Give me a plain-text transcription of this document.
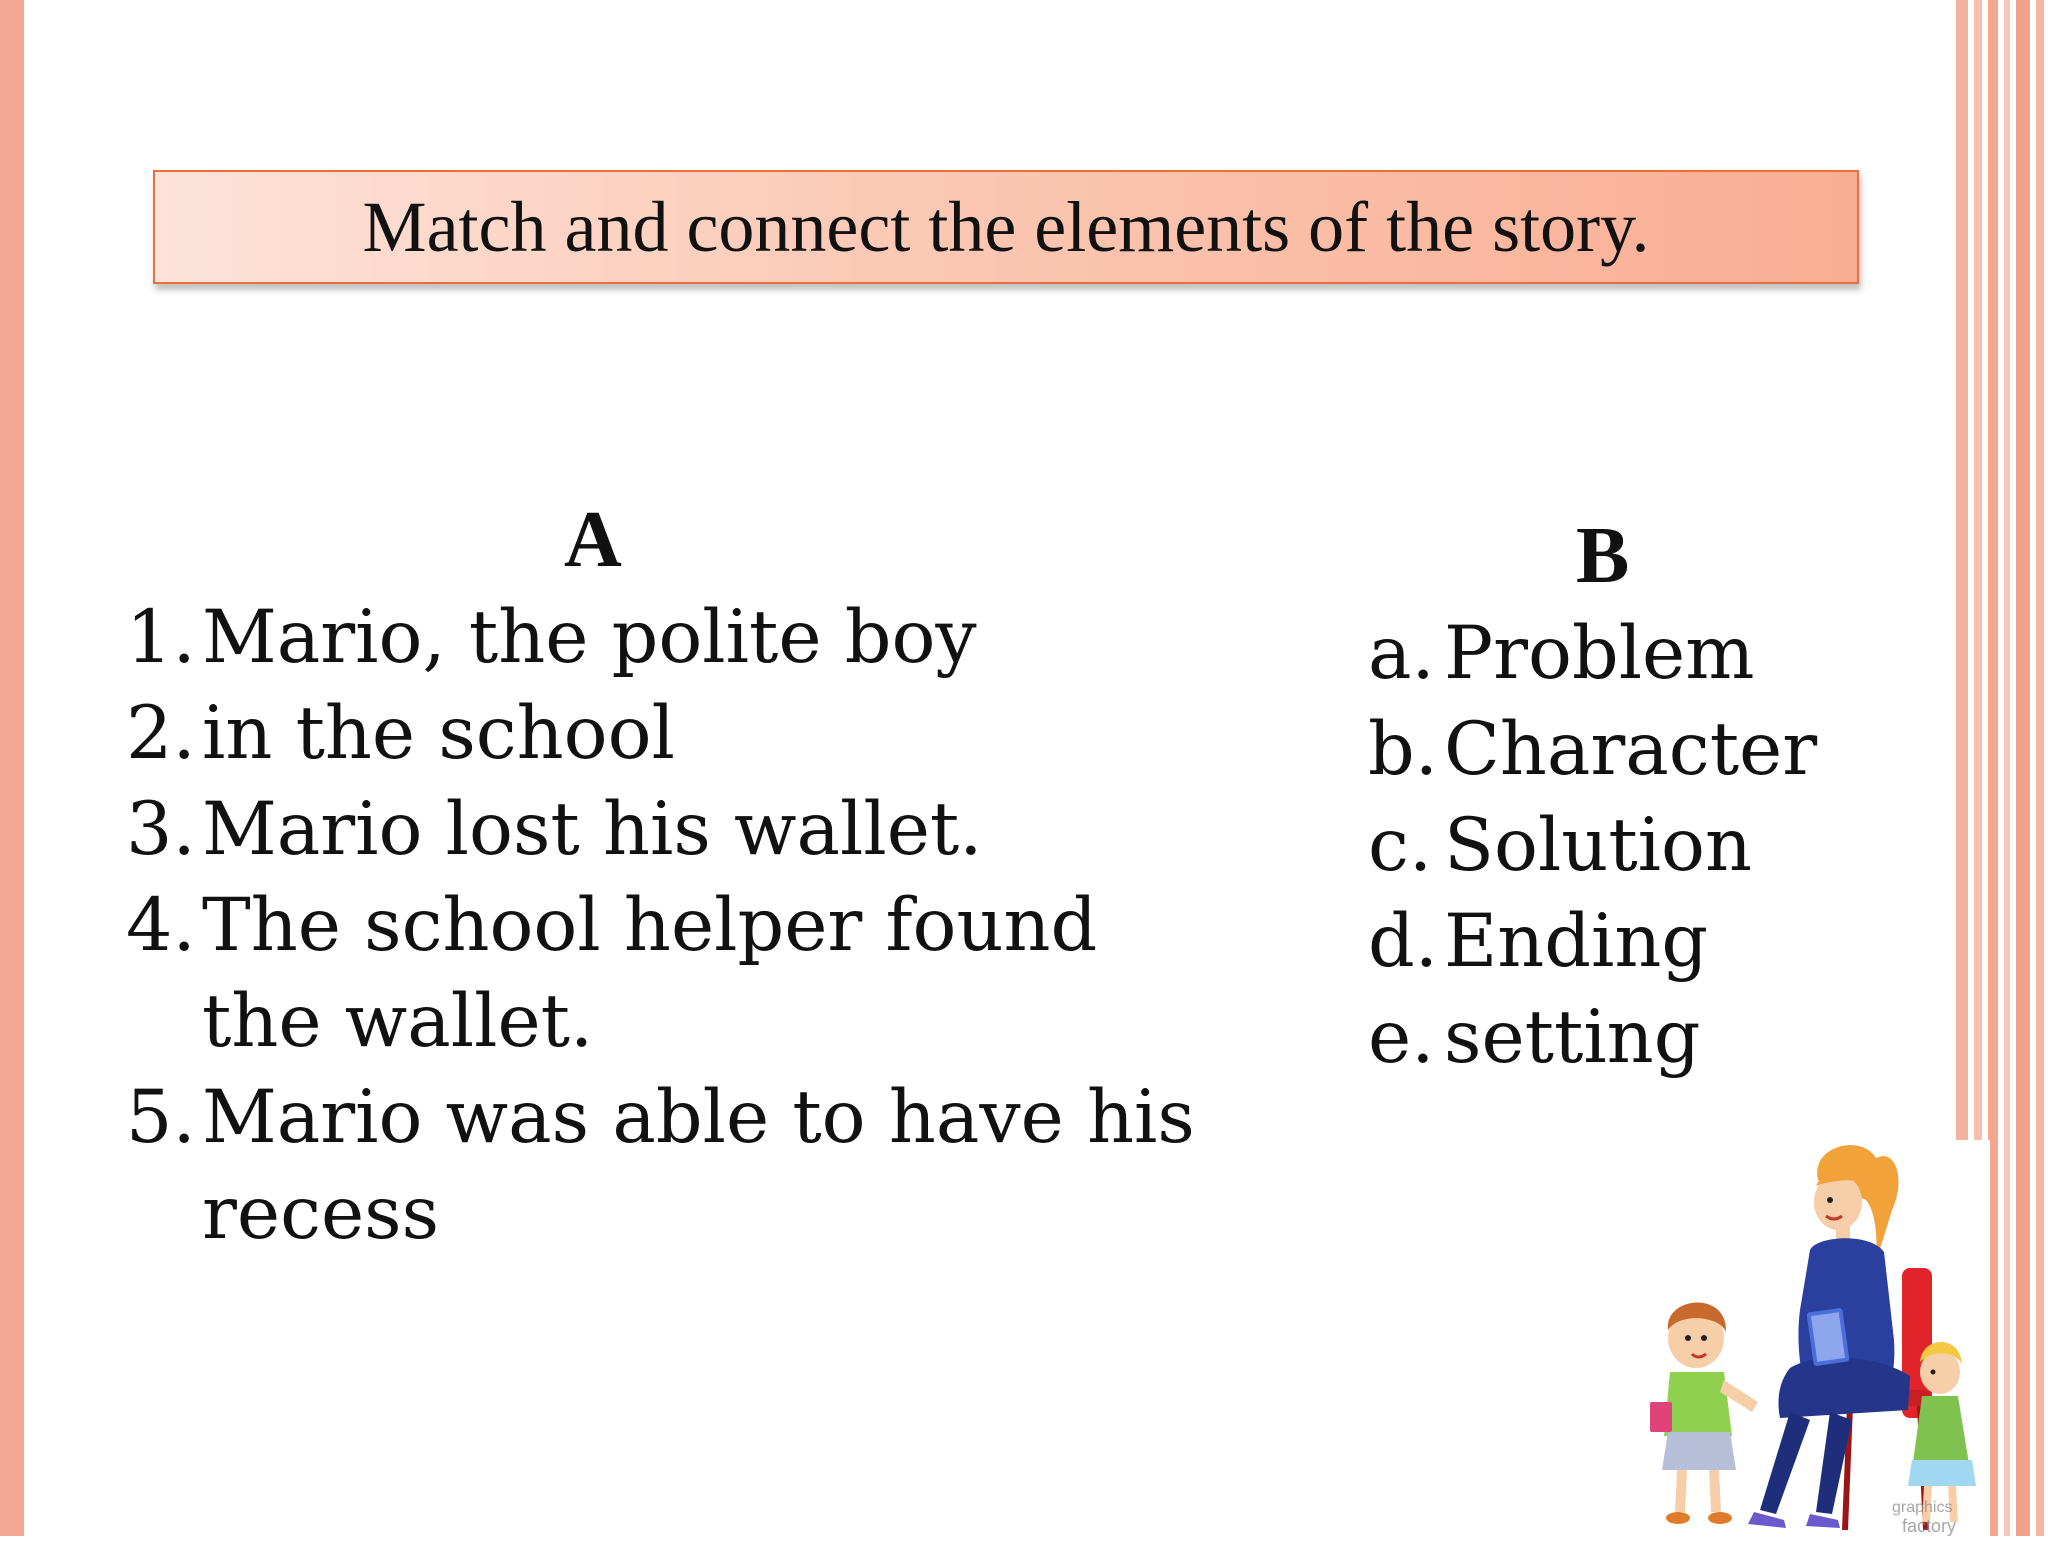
Match and connect the elements of the story.
A	B
1. Mario, the polite boy
2. in the school
3. Mario lost his wallet.
4. The school helper found the wallet.
5. Mario was able to have his recess
a. Problem
b. Character
c. Solution
d. Ending
e. setting
graphics
factory
